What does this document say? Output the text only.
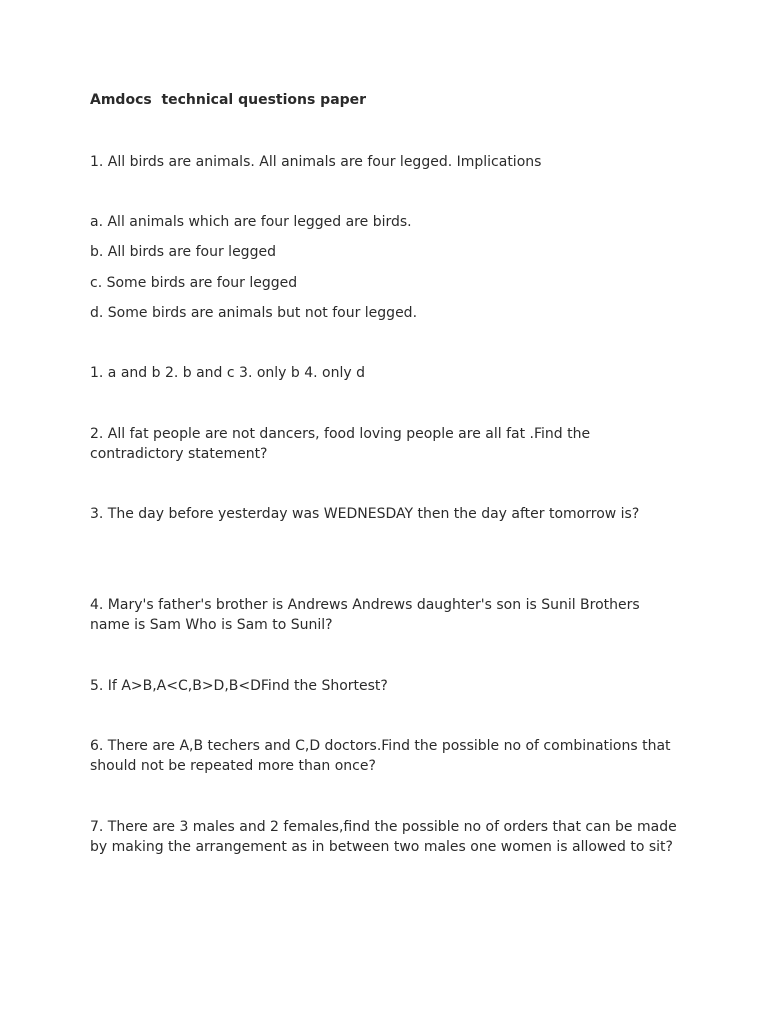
Amdocs  technical questions paper
1. All birds are animals. All animals are four legged. Implications
a. All animals which are four legged are birds.
b. All birds are four legged
c. Some birds are four legged
d. Some birds are animals but not four legged.
1. a and b 2. b and c 3. only b 4. only d
2. All fat people are not dancers, food loving people are all fat .Find the
contradictory statement?
3. The day before yesterday was WEDNESDAY then the day after tomorrow is?
4. Mary's father's brother is Andrews Andrews daughter's son is Sunil Brothers
name is Sam Who is Sam to Sunil?
5. If A>B,A<C,B>D,B<DFind the Shortest?
6. There are A,B techers and C,D doctors.Find the possible no of combinations that
should not be repeated more than once?
7. There are 3 males and 2 females,find the possible no of orders that can be made
by making the arrangement as in between two males one women is allowed to sit?
